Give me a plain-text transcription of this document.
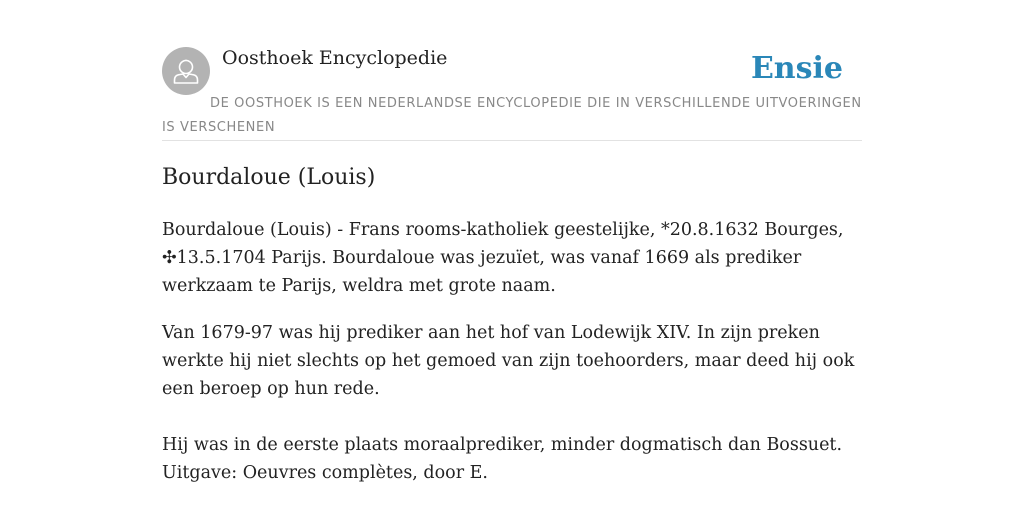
Oosthoek Encyclopedie	Ensie
DE OOSTHOEK IS EEN NEDERLANDSE ENCYCLOPEDIE DIE IN VERSCHILLENDE UITVOERINGEN IS VERSCHENEN
Bourdaloue (Louis)

Bourdaloue (Louis) - Frans rooms-katholiek geestelijke, *20.8.1632 Bourges, ✣13.5.1704 Parijs. Bourdaloue was jezuïet, was vanaf 1669 als prediker werkzaam te Parijs, weldra met grote naam.

Van 1679-97 was hij prediker aan het hof van Lodewijk XIV. In zijn preken werkte hij niet slechts op het gemoed van zijn toehoorders, maar deed hij ook een beroep op hun rede.

Hij was in de eerste plaats moraalprediker, minder dogmatisch dan Bossuet. Uitgave: Oeuvres complètes, door E.
